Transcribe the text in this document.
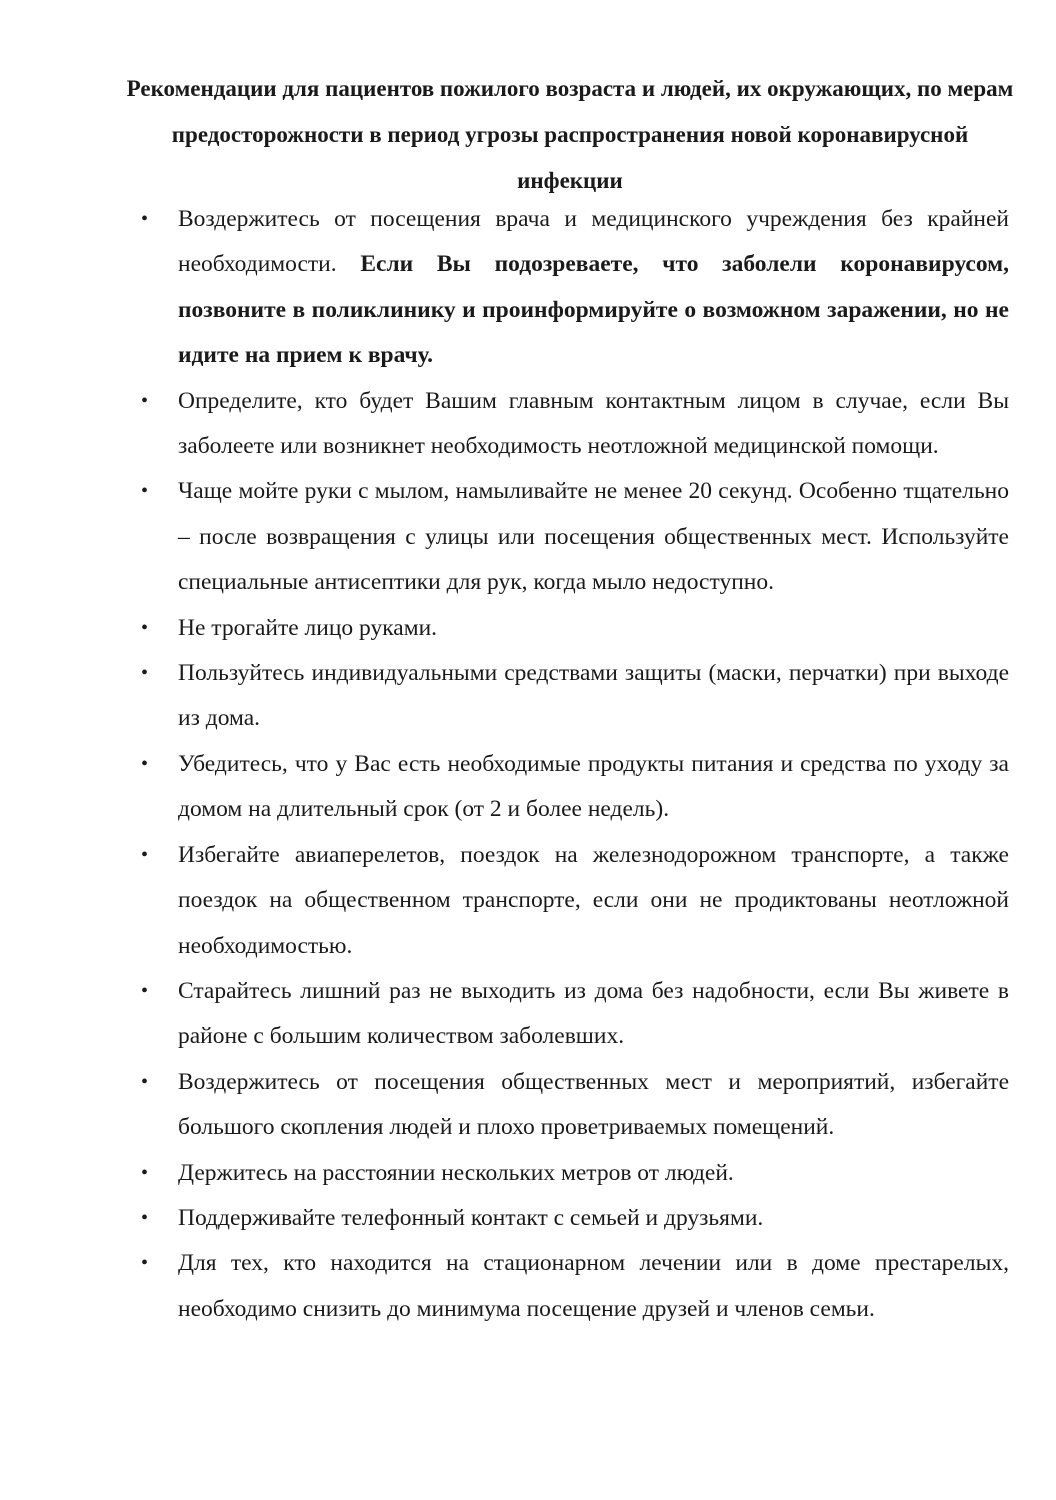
Рекомендации для пациентов пожилого возраста и людей, их окружающих, по мерам предосторожности в период угрозы распространения новой коронавирусной инфекции
• Воздержитесь от посещения врача и медицинского учреждения без крайней необходимости. Если Вы подозреваете, что заболели коронавирусом, позвоните в поликлинику и проинформируйте о возможном заражении, но не идите на прием к врачу.
• Определите, кто будет Вашим главным контактным лицом в случае, если Вы заболеете или возникнет необходимость неотложной медицинской помощи.
• Чаще мойте руки с мылом, намыливайте не менее 20 секунд. Особенно тщательно – после возвращения с улицы или посещения общественных мест. Используйте специальные антисептики для рук, когда мыло недоступно.
• Не трогайте лицо руками.
• Пользуйтесь индивидуальными средствами защиты (маски, перчатки) при выходе из дома.
• Убедитесь, что у Вас есть необходимые продукты питания и средства по уходу за домом на длительный срок (от 2 и более недель).
• Избегайте авиаперелетов, поездок на железнодорожном транспорте, а также поездок на общественном транспорте, если они не продиктованы неотложной необходимостью.
• Старайтесь лишний раз не выходить из дома без надобности, если Вы живете в районе с большим количеством заболевших.
• Воздержитесь от посещения общественных мест и мероприятий, избегайте большого скопления людей и плохо проветриваемых помещений.
• Держитесь на расстоянии нескольких метров от людей.
• Поддерживайте телефонный контакт с семьей и друзьями.
• Для тех, кто находится на стационарном лечении или в доме престарелых, необходимо снизить до минимума посещение друзей и членов семьи.
